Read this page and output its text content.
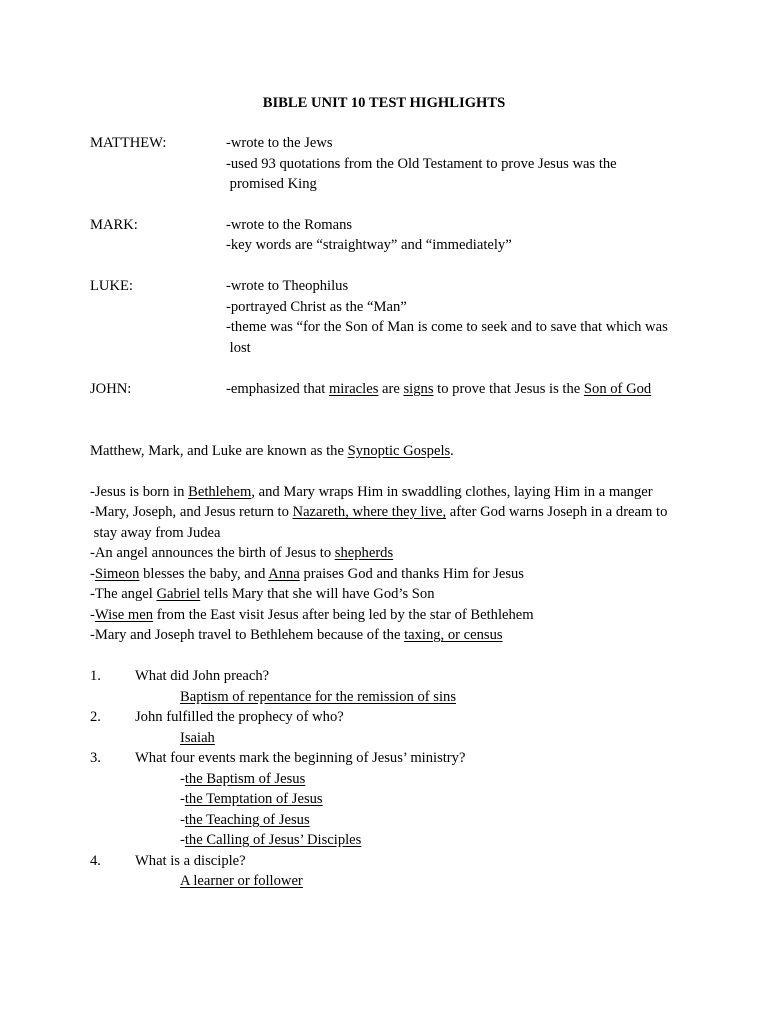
BIBLE UNIT 10 TEST HIGHLIGHTS
MATTHEW:	-wrote to the Jews
-used 93 quotations from the Old Testament to prove Jesus was the
promised King
MARK:	-wrote to the Romans
-key words are “straightway” and “immediately”
LUKE:	-wrote to Theophilus
-portrayed Christ as the “Man”
-theme was “for the Son of Man is come to seek and to save that which was
lost
JOHN:	-emphasized that miracles are signs to prove that Jesus is the Son of God
Matthew, Mark, and Luke are known as the Synoptic Gospels.
-Jesus is born in Bethlehem, and Mary wraps Him in swaddling clothes, laying Him in a manger
-Mary, Joseph, and Jesus return to Nazareth, where they live, after God warns Joseph in a dream to
stay away from Judea
-An angel announces the birth of Jesus to shepherds
-Simeon blesses the baby, and Anna praises God and thanks Him for Jesus
-The angel Gabriel tells Mary that she will have God’s Son
-Wise men from the East visit Jesus after being led by the star of Bethlehem
-Mary and Joseph travel to Bethlehem because of the taxing, or census
1. What did John preach?
Baptism of repentance for the remission of sins
2. John fulfilled the prophecy of who?
Isaiah
3. What four events mark the beginning of Jesus’ ministry?
-the Baptism of Jesus
-the Temptation of Jesus
-the Teaching of Jesus
-the Calling of Jesus’ Disciples
4. What is a disciple?
A learner or follower
